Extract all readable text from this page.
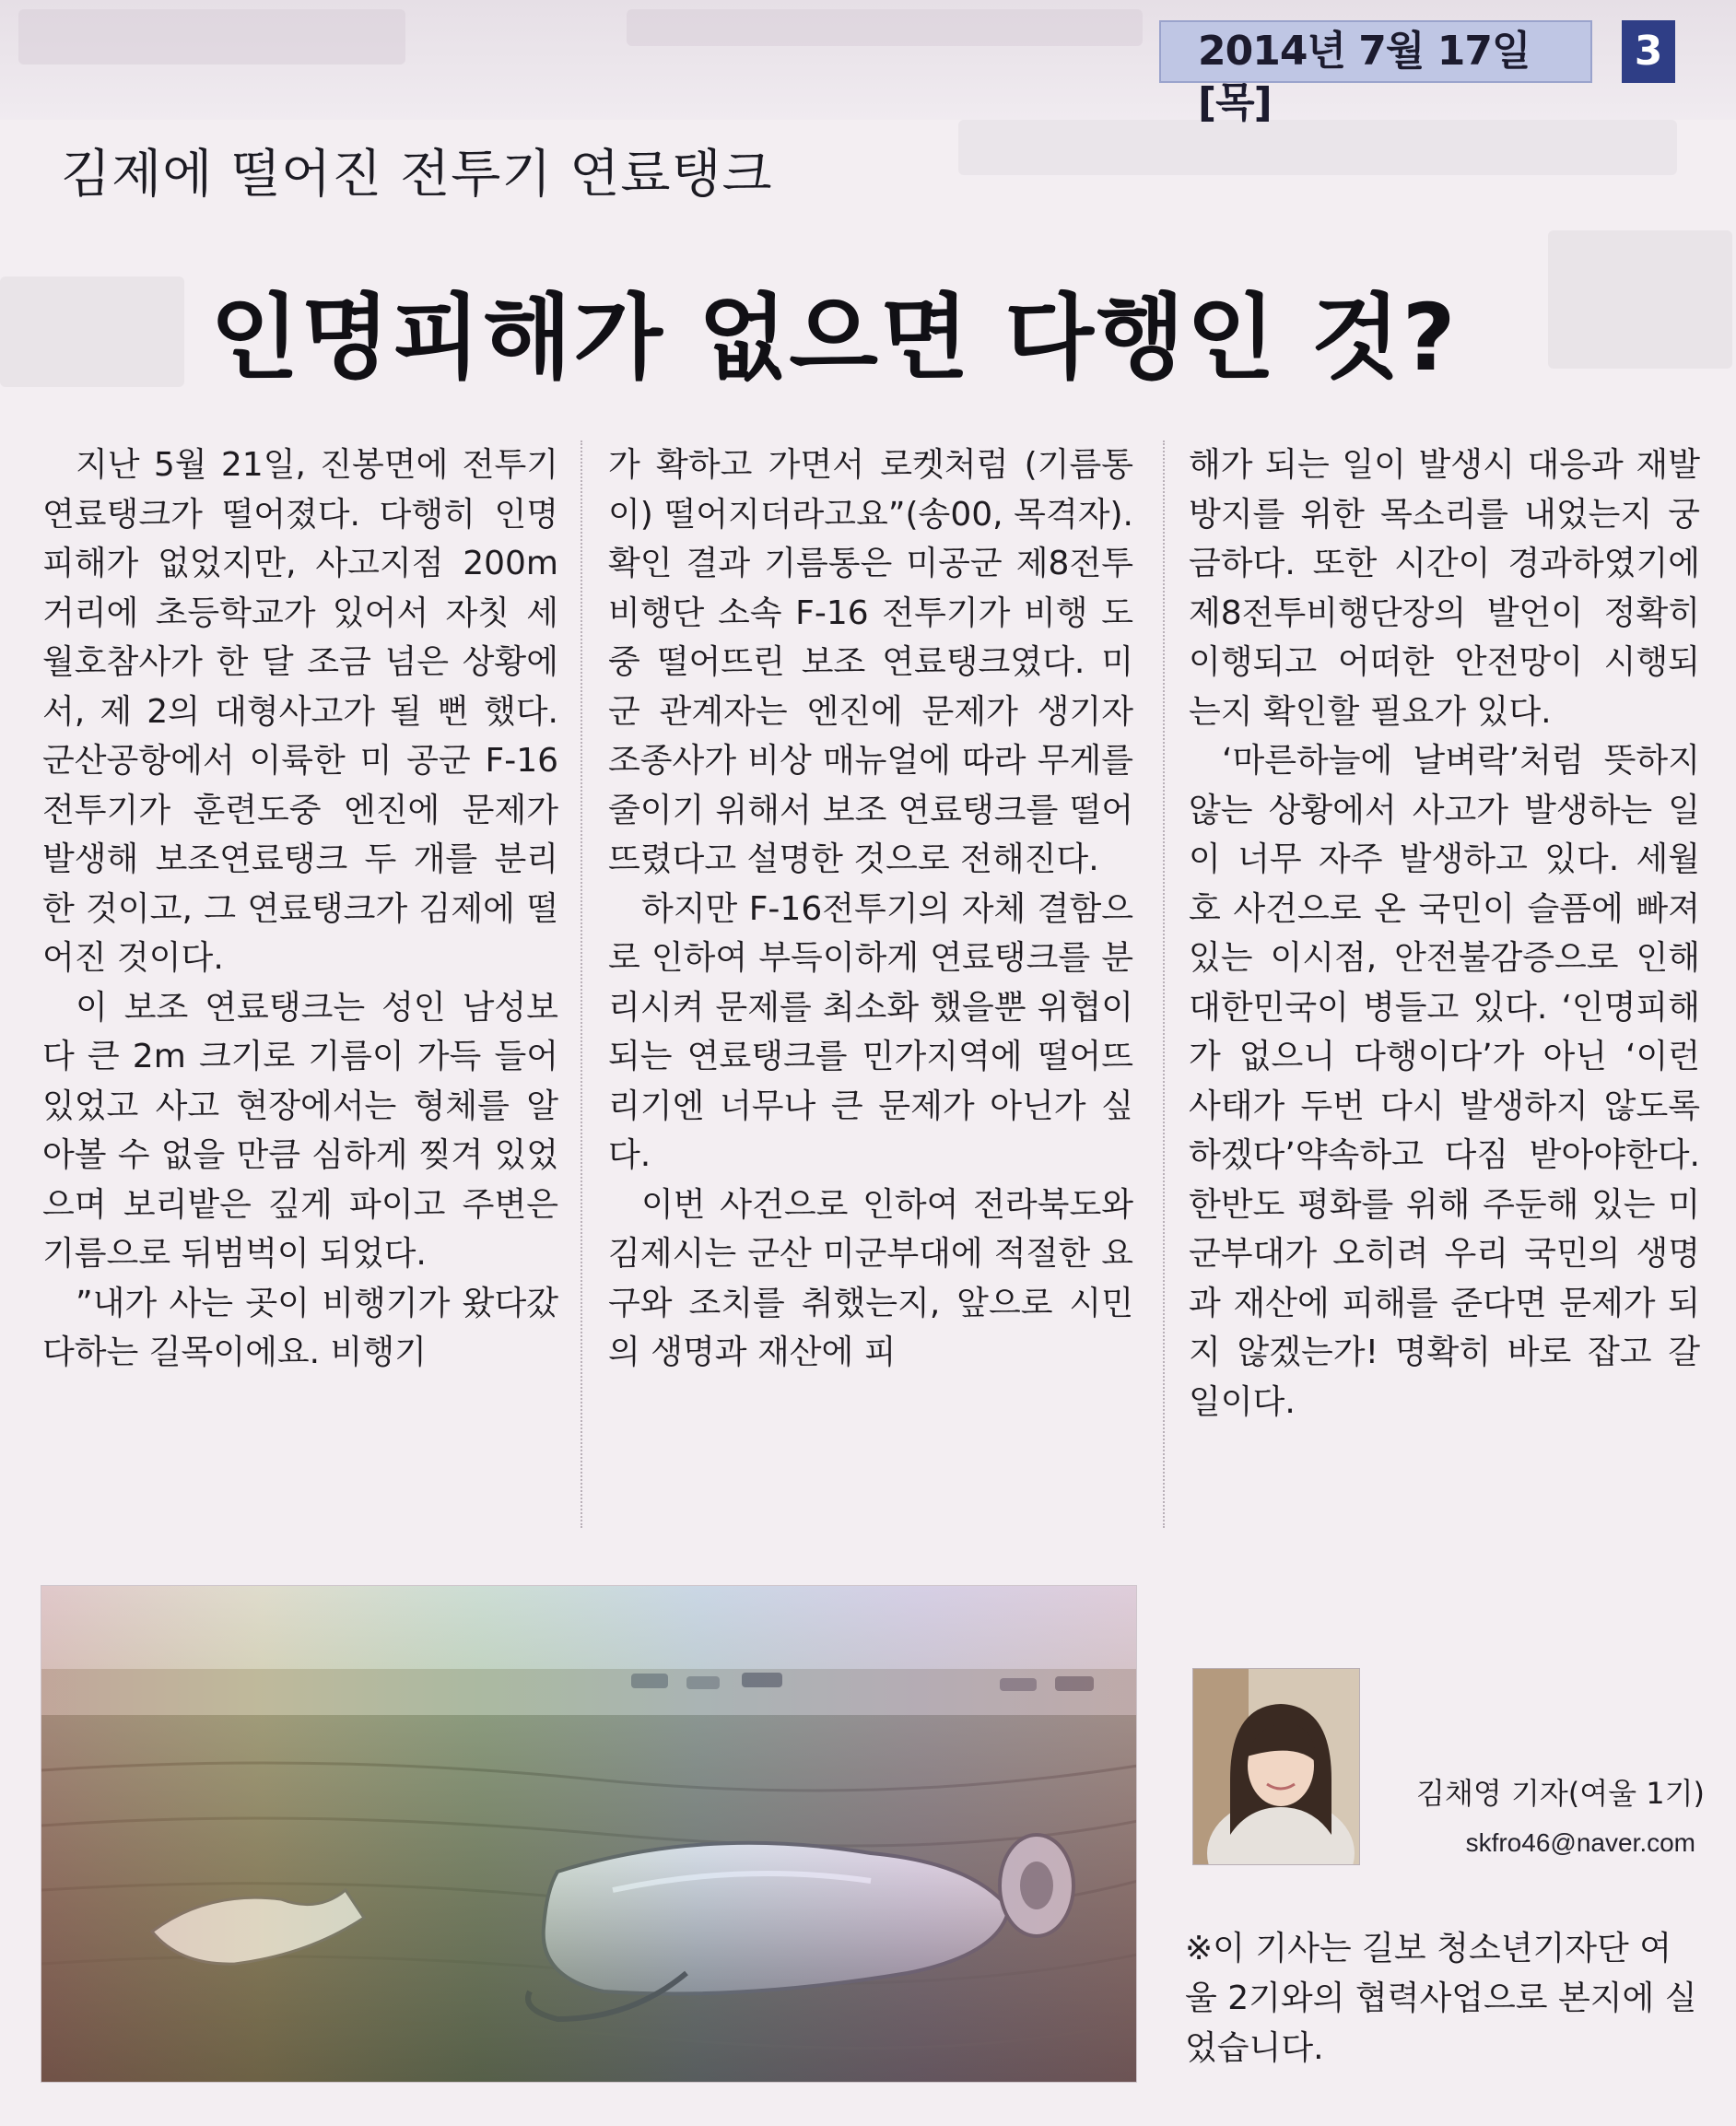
2014년 7월 17일[목]
3
김제에 떨어진 전투기 연료탱크
인명피해가 없으면 다행인 것?

지난 5월 21일, 진봉면에 전투기 연료탱크가 떨어졌다. 다행히 인명피해가 없었지만, 사고지점 200m거리에 초등학교가 있어서 자칫 세월호참사가 한 달 조금 넘은 상황에서, 제 2의 대형사고가 될 뻔 했다. 군산공항에서 이륙한 미 공군 F-16전투기가 훈련도중 엔진에 문제가 발생해 보조연료탱크 두 개를 분리한 것이고, 그 연료탱크가 김제에 떨어진 것이다.

이 보조 연료탱크는 성인 남성보다 큰 2m 크기로 기름이 가득 들어 있었고 사고 현장에서는 형체를 알아볼 수 없을 만큼 심하게 찢겨 있었으며 보리밭은 깊게 파이고 주변은 기름으로 뒤범벅이 되었다.

”내가 사는 곳이 비행기가 왔다갔다하는 길목이에요. 비행기

가 확하고 가면서 로켓처럼 (기름통이) 떨어지더라고요”(송00, 목격자). 확인 결과 기름통은 미공군 제8전투비행단 소속 F-16 전투기가 비행 도중 떨어뜨린 보조 연료탱크였다. 미군 관계자는 엔진에 문제가 생기자 조종사가 비상 매뉴얼에 따라 무게를 줄이기 위해서 보조 연료탱크를 떨어뜨렸다고 설명한 것으로 전해진다.

하지만 F-16전투기의 자체 결함으로 인하여 부득이하게 연료탱크를 분리시켜 문제를 최소화 했을뿐 위협이 되는 연료탱크를 민가지역에 떨어뜨리기엔 너무나 큰 문제가 아닌가 싶다.

이번 사건으로 인하여 전라북도와 김제시는 군산 미군부대에 적절한 요구와 조치를 취했는지, 앞으로 시민의 생명과 재산에 피

해가 되는 일이 발생시 대응과 재발방지를 위한 목소리를 내었는지 궁금하다. 또한 시간이 경과하였기에 제8전투비행단장의 발언이 정확히 이행되고 어떠한 안전망이 시행되는지 확인할 필요가 있다.

‘마른하늘에 날벼락’처럼 뜻하지 않는 상황에서 사고가 발생하는 일이 너무 자주 발생하고 있다. 세월호 사건으로 온 국민이 슬픔에 빠져있는 이시점, 안전불감증으로 인해 대한민국이 병들고 있다. ‘인명피해가 없으니 다행이다’가 아닌 ‘이런 사태가 두번 다시 발생하지 않도록 하겠다’약속하고 다짐 받아야한다. 한반도 평화를 위해 주둔해 있는 미군부대가 오히려 우리 국민의 생명과 재산에 피해를 준다면 문제가 되지 않겠는가! 명확히 바로 잡고 갈 일이다.

김채영 기자(여울 1기)
skfro46@naver.com
※이 기사는 길보 청소년기자단 여울 2기와의 협력사업으로 본지에 실었습니다.
